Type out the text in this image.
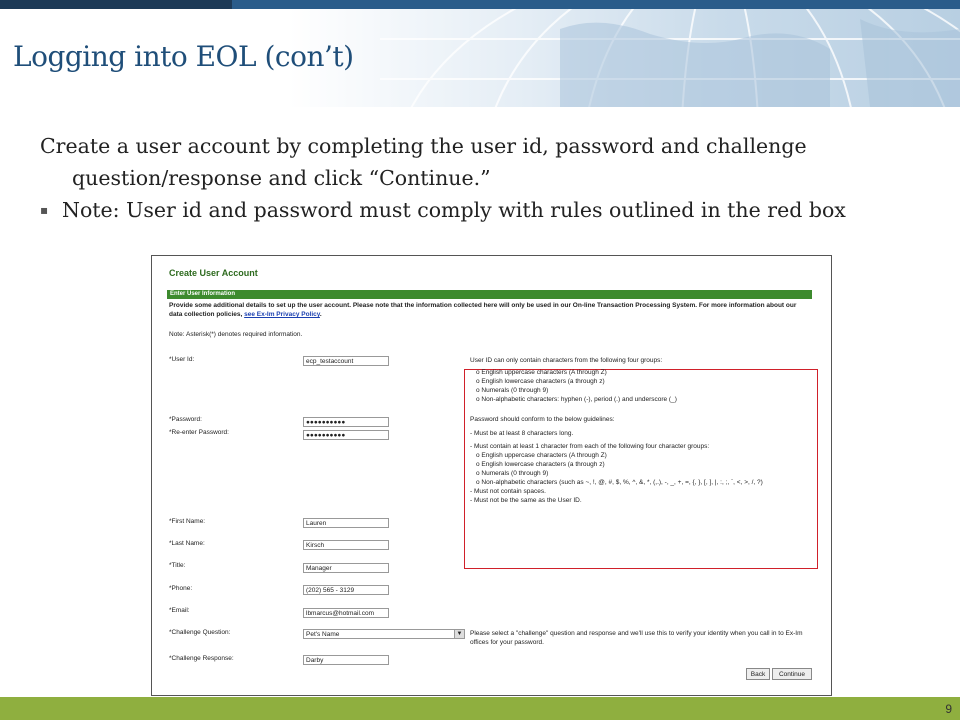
Logging into EOL (con’t)

Create a user account by completing the user id, password and challenge question/response and click “Continue.”

▪ Note: User id and password must comply with rules outlined in the red box

Create User Account
Enter User Information
Provide some additional details to set up the user account. Please note that the information collected here will only be used in our On-line Transaction Processing System. For more information about our data collection policies, see Ex-Im Privacy Policy.
Note: Asterisk(*) denotes required information.
*User Id:	ecp_testaccount
*Password:	●●●●●●●●●●
*Re-enter Password:	●●●●●●●●●●
*First Name:	Lauren
*Last Name:	Kirsch
*Title:	Manager
*Phone:	(202) 565 - 3129
*Email:	lbmarcus@hotmail.com
*Challenge Question:	Pet's Name	▼
*Challenge Response:	Darby
User ID can only contain characters from the following four groups:
o English uppercase characters (A through Z)
o English lowercase characters (a through z)
o Numerals (0 through 9)
o Non-alphabetic characters: hyphen (-), period (.) and underscore (_)
Password should conform to the below guidelines:
- Must be at least 8 characters long.
- Must contain at least 1 character from each of the following four character groups:
o English uppercase characters (A through Z)
o English lowercase characters (a through z)
o Numerals (0 through 9)
o Non-alphabetic characters (such as ~, !, @, #, $, %, ^, &, *, (,.), -, _, +, =, {, }, [, ], |, :, ;, `, <, >, /, ?)
- Must not contain spaces.
- Must not be the same as the User ID.
Please select a "challenge" question and response and we'll use this to verify your identity when you call in to Ex-Im offices for your password.
Back	Continue
9
